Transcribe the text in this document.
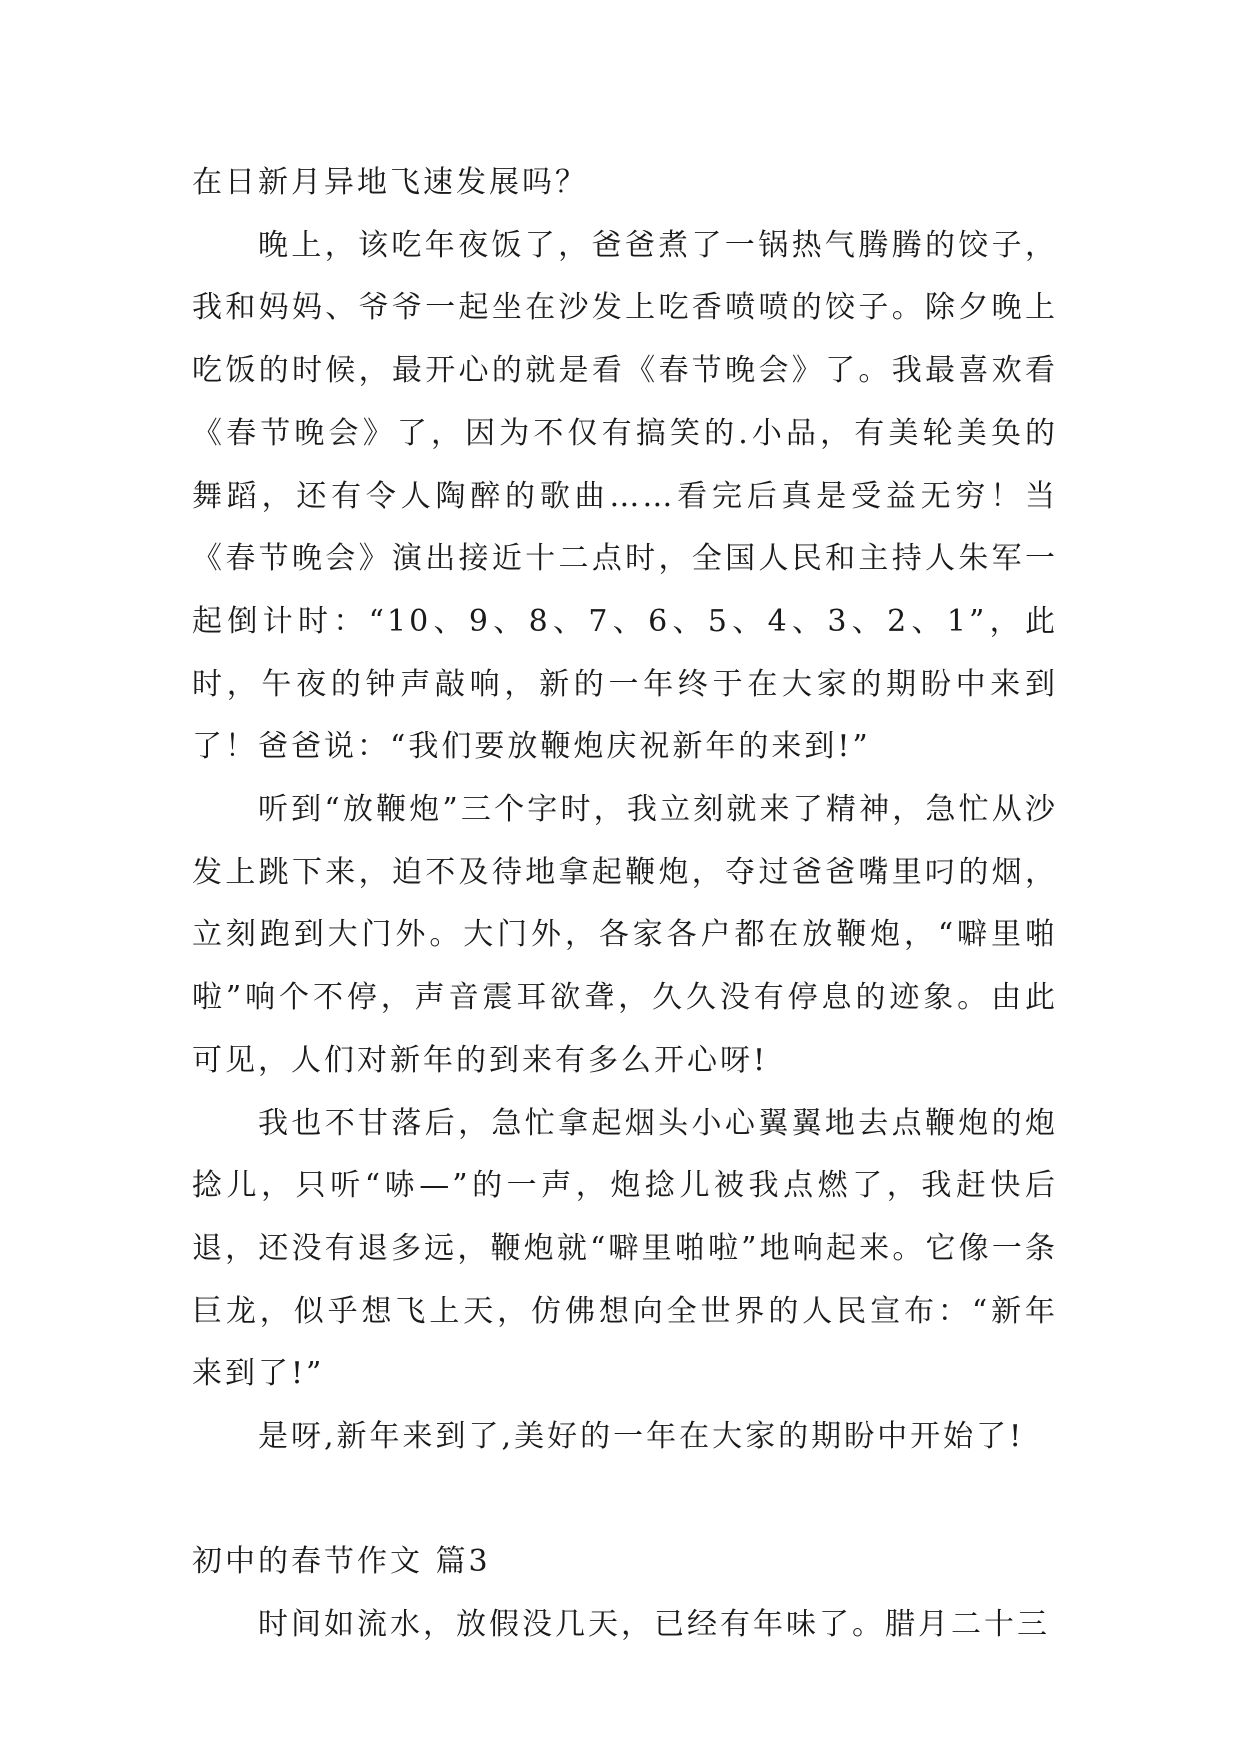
在日新月异地飞速发展吗？

晚上，该吃年夜饭了，爸爸煮了一锅热气腾腾的饺子，我和妈妈、爷爷一起坐在沙发上吃香喷喷的饺子。除夕晚上吃饭的时候，最开心的就是看《春节晚会》了。我最喜欢看《春节晚会》了，因为不仅有搞笑的.小品，有美轮美奂的舞蹈，还有令人陶醉的歌曲……看完后真是受益无穷！当《春节晚会》演出接近十二点时，全国人民和主持人朱军一起倒计时：“10、9、8、7、6、5、4、3、2、1”，此时，午夜的钟声敲响，新的一年终于在大家的期盼中来到了！爸爸说：“我们要放鞭炮庆祝新年的来到!”

听到“放鞭炮”三个字时，我立刻就来了精神，急忙从沙发上跳下来，迫不及待地拿起鞭炮，夺过爸爸嘴里叼的烟，立刻跑到大门外。大门外，各家各户都在放鞭炮，“噼里啪啦”响个不停，声音震耳欲聋，久久没有停息的迹象。由此可见，人们对新年的到来有多么开心呀!

我也不甘落后，急忙拿起烟头小心翼翼地去点鞭炮的炮捻儿，只听“哧—”的一声，炮捻儿被我点燃了，我赶快后退，还没有退多远，鞭炮就“噼里啪啦”地响起来。它像一条巨龙，似乎想飞上天，仿佛想向全世界的人民宣布：“新年来到了!”

是呀,新年来到了,美好的一年在大家的期盼中开始了!

初中的春节作文 篇3

时间如流水，放假没几天，已经有年味了。腊月二十三
